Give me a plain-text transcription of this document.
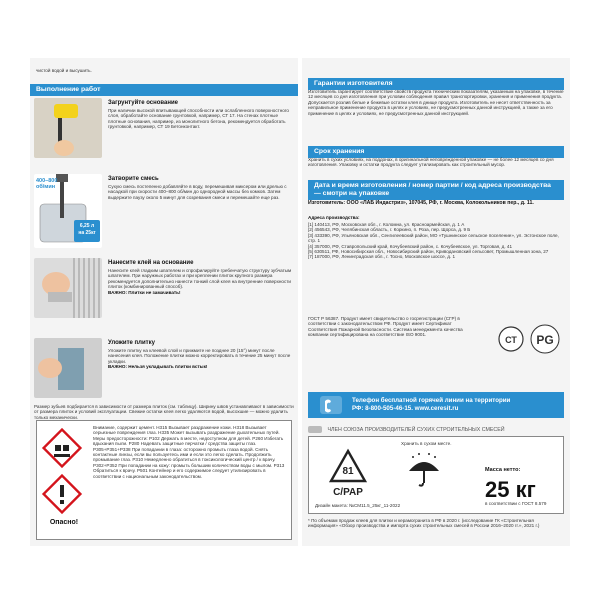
чистой водой и высушить.
Выполнение работ
Загрунтуйте основание
При наличии высокой впитывающей способности или ослабленного поверхностного слоя, обработайте основание грунтовкой, например, СТ 17. На стенах плотные плотные основания, например, из монолитного бетона, рекомендуется обработать грунтовкой, например, СТ 19 Бетонконтакт.
400–800
об/мин
6,25 л
на 25кг
Затворите смесь
Сухую смесь постепенно добавляйте в воду, перемешивая миксером или дрелью с насадкой при скорости 400–800 об/мин до однородной массы без комков. Затем выдержите паузу около 5 минут для созревания смеси и перемешайте еще раз.
Нанесите клей на основание
Нанесите клей гладким шпателем и спрофилируйте гребенчатую структуру зубчатым шпателем. При наружных работах и при креплении плиток крупного размера рекомендуется дополнительно нанести тонкий слой клея на внутренние поверхности плиток (комбинированный способ).
ВАЖНО: Плитки не замачивать!
Уложите плитку
Уложите плитку на клеевой слой и прижмите не позднее 20 (15°) минут после нанесения клея. Положение плитки можно корректировать в течение 25 минут после укладки.
ВАЖНО: Нельзя укладывать плитки встык!
Размер зубьев подбирается в зависимости от размера плиток (см. таблицу). Ширину швов устанавливают в зависимости от размера плиток и условий эксплуатации. Свежие остатки клея легко удаляются водой, высохшие — можно удалить только механически.
Опасно!
Внимание, содержит цемент. H315 Вызывает раздражение кожи. H318 Вызывает серьезные повреждения глаз. H335 Может вызывать раздражение дыхательных путей. Меры предосторожности: P102 Держать в месте, недоступном для детей. P260 Избегать вдыхания пыли. P280 Надевать защитные перчатки / средства защиты глаз. P305+P351+P338 При попадании в глаза: осторожно промыть глаза водой. Снять контактные линзы, если вы пользуетесь ими и если это легко сделать. Продолжить промывание глаз. P310 Немедленно обратиться в токсикологический центр / к врачу. P302+P352 При попадании на кожу: промыть большим количеством воды с мылом. P313 Обратиться к врачу. P501 Контейнер и его содержимое следует утилизировать в соответствии с национальным законодательством.
Гарантии изготовителя
Изготовитель гарантирует соответствие свойств продукта техническим показателям, указанным на упаковке, в течение 12 месяцев со дня изготовления при условии соблюдения правил транспортировки, хранения и применения продукта. Допускается розлив белые и бежевые остатки клея в днище продукта. Изготовитель не несет ответственность за неправильное применение продукта в целях и условиях, не предусмотренных данной инструкцией, а также за его применение в целях и условиях, не предусмотренных данной инструкцией.
Срок хранения
Хранить в сухих условиях, на поддонах, в оригинальной неповрежденной упаковке — не более 12 месяцев со дня изготовления. Упаковку и остатки продукта следует утилизировать как строительный мусор.
Дата и время изготовления / номер партии / код адреса производства — смотри на упаковке
Изготовитель: ООО «ЛАБ Индастриз», 107045, РФ, г. Москва, Колокольников пер., д. 11.
Адреса производства:
[1] 140413, РФ, Московская обл., г. Коломна, ул. Красноармейская, д. 1 А
[2] 456543, РФ, Челябинская область, г. Коркино, п. Роза, пер. Щорса, д. 9 Б
[3] 433390, РФ, Ульяновская обл., Сенгилеевский район, МО «Тушнинское сельское поселение», ул. Эстонское поле, стр. 1
[4] 357000, РФ, Ставропольский край, Кочубеевский район, с. Кочубеевское, ул. Торговая, д. 41
[5] 630511, РФ, Новосибирская обл., Новосибирский район, Криводановский сельсовет, Промышленная зона, 27
[7] 187000, РФ, Ленинградская обл., г. Тосно, Московское шоссе, д. 1
ГОСТ Р 56387. Продукт имеет свидетельство о госрегистрации (СГР) в соответствии с законодательством РФ. Продукт имеет Сертификат Соответствия Пожарной Безопасности. Система менеджмента качества компании сертифицирована на соответствие ISO 9001.
СТ PG
Телефон бесплатной горячей линии на территории
РФ: 8-800-505-46-15. www.ceresit.ru
ЧЛЕН СОЮЗА ПРОИЗВОДИТЕЛЕЙ СУХИХ СТРОИТЕЛЬНЫХ СМЕСЕЙ
81
C/PAP
Хранить в сухом месте.
Масса нетто:
25 кг
в соответствии с ГОСТ 8.579
Дизайн макета: №CM11.5_25кг_11-2022
* По объемам продаж клеев для плитки и керамогранита в РФ в 2020 г. (исследование ГК «Строительная информация» «Обзор производства и импорта сухих строительных смесей в России 2016–2020 гг.», 2021 г.)
